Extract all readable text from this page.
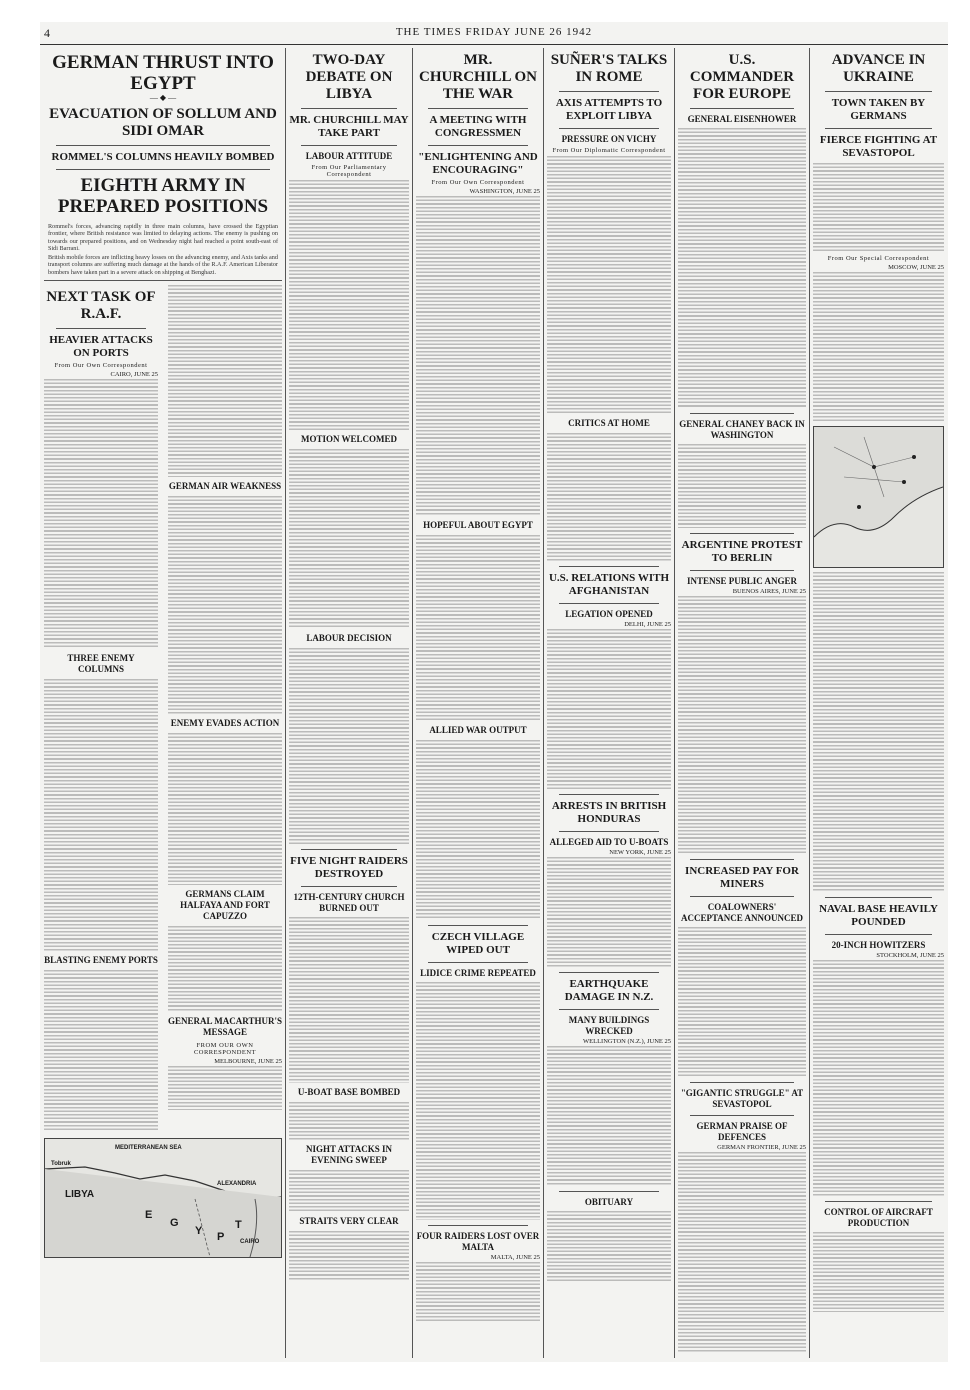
4	THE TIMES FRIDAY JUNE 26 1942
GERMAN THRUST INTO EGYPT
— ◆ —
EVACUATION OF SOLLUM AND SIDI OMAR
ROMMEL'S COLUMNS HEAVILY BOMBED
EIGHTH ARMY IN PREPARED POSITIONS
Rommel's forces, advancing rapidly in three main columns, have crossed the Egyptian frontier, where British resistance was limited to delaying actions. The enemy is pushing on towards our prepared positions, and on Wednesday night had reached a point south-east of Sidi Barrani.
British mobile forces are inflicting heavy losses on the advancing enemy, and Axis tanks and transport columns are suffering much damage at the hands of the R.A.F. American Liberator bombers have taken part in a severe attack on shipping at Benghazi.
NEXT TASK OF R.A.F.
HEAVIER ATTACKS ON PORTS
From Our Own Correspondent
CAIRO, JUNE 25
THREE ENEMY COLUMNS
BLASTING ENEMY PORTS
GERMAN AIR WEAKNESS
ENEMY EVADES ACTION
GERMANS CLAIM HALFAYA AND FORT CAPUZZO
GENERAL MACARTHUR'S MESSAGE
FROM OUR OWN CORRESPONDENT
MELBOURNE, JUNE 25
MEDITERRANEAN SEA
Tobruk
LIBYA
ALEXANDRIA
CAIRO
E
G
Y P
T
TWO-DAY DEBATE ON LIBYA
MR. CHURCHILL MAY TAKE PART
LABOUR ATTITUDE
From Our Parliamentary Correspondent
MOTION WELCOMED
LABOUR DECISION
FIVE NIGHT RAIDERS DESTROYED
12TH-CENTURY CHURCH BURNED OUT
U-BOAT BASE BOMBED
NIGHT ATTACKS IN EVENING SWEEP
STRAITS VERY CLEAR
MR. CHURCHILL ON THE WAR
A MEETING WITH CONGRESSMEN
"ENLIGHTENING AND ENCOURAGING"
From Our Own Correspondent
WASHINGTON, JUNE 25
HOPEFUL ABOUT EGYPT
ALLIED WAR OUTPUT
CZECH VILLAGE WIPED OUT
LIDICE CRIME REPEATED
FOUR RAIDERS LOST OVER MALTA
MALTA, JUNE 25
SUÑER'S TALKS IN ROME
AXIS ATTEMPTS TO EXPLOIT LIBYA
PRESSURE ON VICHY
From Our Diplomatic Correspondent
CRITICS AT HOME
U.S. RELATIONS WITH AFGHANISTAN
LEGATION OPENED
DELHI, JUNE 25
ARRESTS IN BRITISH HONDURAS
ALLEGED AID TO U-BOATS
NEW YORK, JUNE 25
EARTHQUAKE DAMAGE IN N.Z.
MANY BUILDINGS WRECKED
WELLINGTON (N.Z.), JUNE 25
OBITUARY
U.S. COMMANDER FOR EUROPE
GENERAL EISENHOWER
GENERAL CHANEY BACK IN WASHINGTON
ARGENTINE PROTEST TO BERLIN
INTENSE PUBLIC ANGER
BUENOS AIRES, JUNE 25
INCREASED PAY FOR MINERS
COALOWNERS' ACCEPTANCE ANNOUNCED
"GIGANTIC STRUGGLE" AT SEVASTOPOL
GERMAN PRAISE OF DEFENCES
GERMAN FRONTIER, JUNE 25
ADVANCE IN UKRAINE
TOWN TAKEN BY GERMANS
FIERCE FIGHTING AT SEVASTOPOL
From Our Special Correspondent
MOSCOW, JUNE 25
NAVAL BASE HEAVILY POUNDED
20-INCH HOWITZERS
STOCKHOLM, JUNE 25
CONTROL OF AIRCRAFT PRODUCTION
